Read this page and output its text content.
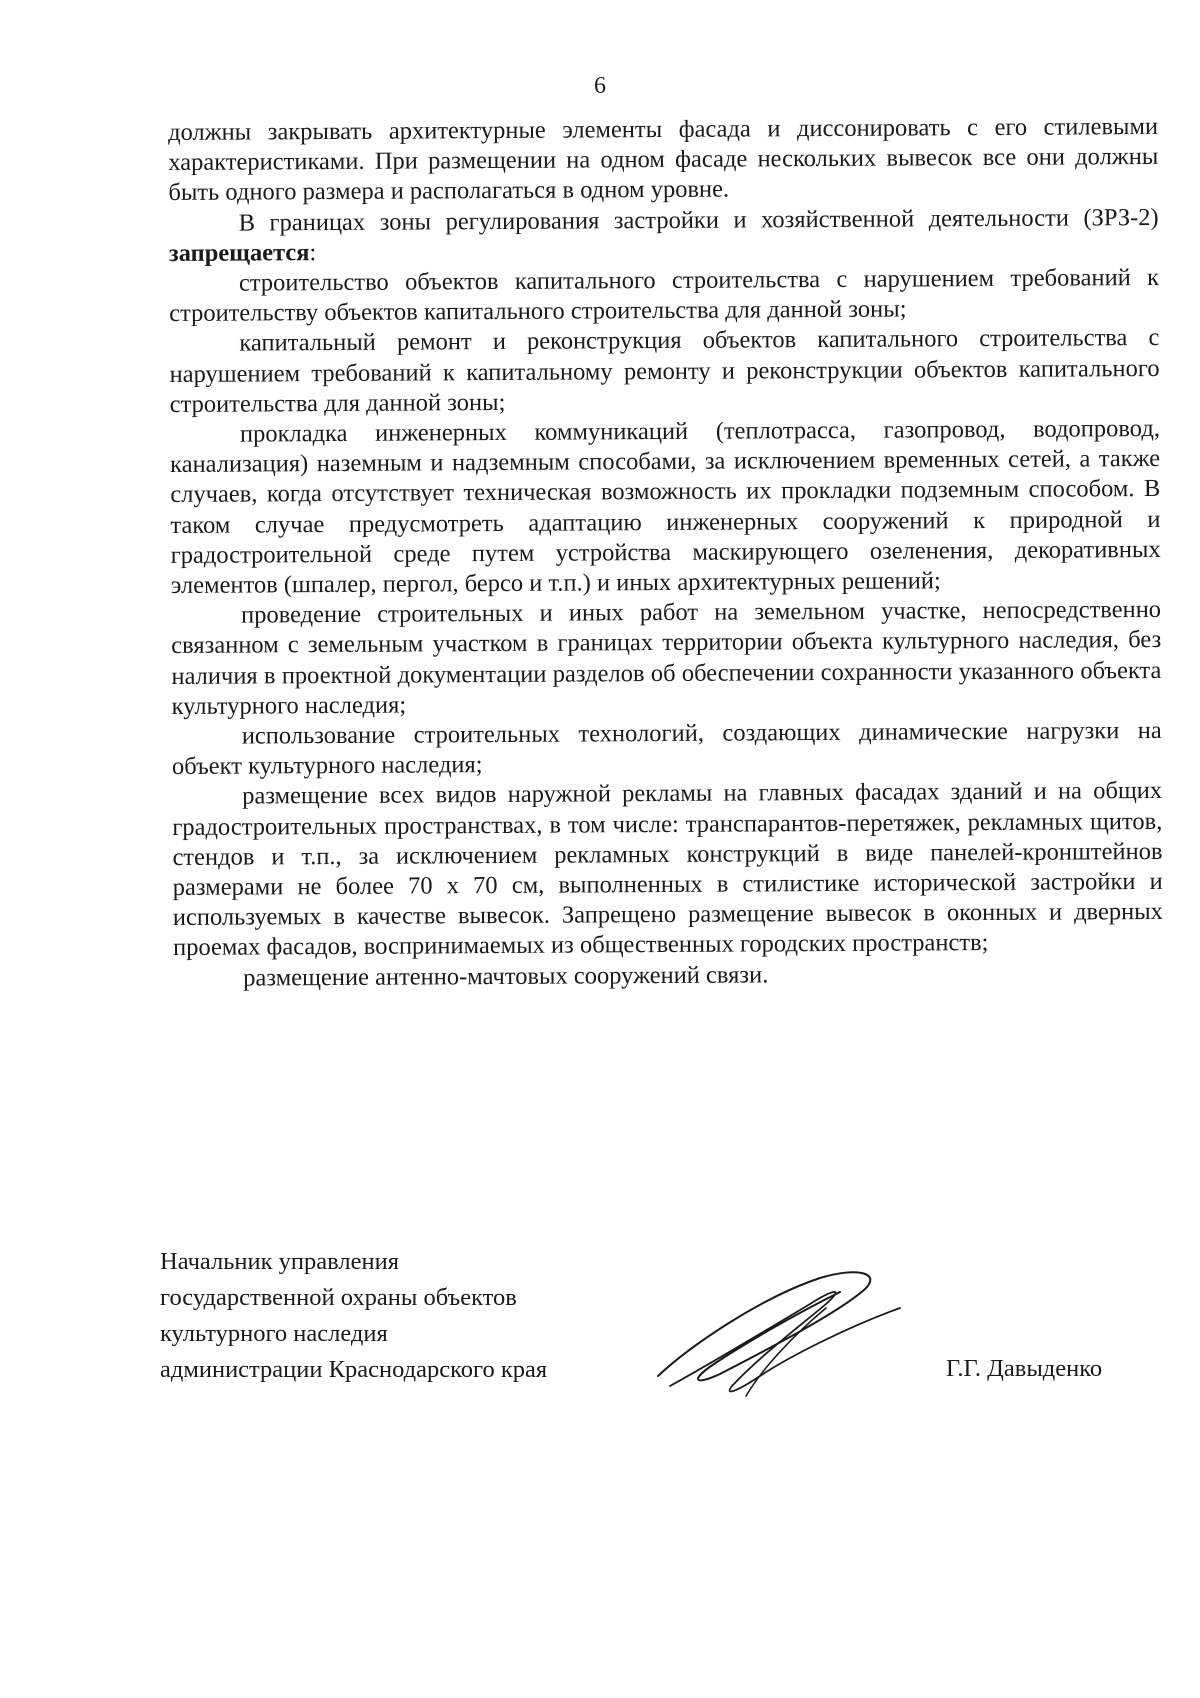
6

должны закрывать архитектурные элементы фасада и диссонировать с его стилевыми характеристиками. При размещении на одном фасаде нескольких вывесок все они должны быть одного размера и располагаться в одном уровне.

В границах зоны регулирования застройки и хозяйственной деятельности (ЗРЗ-2) запрещается:

строительство объектов капитального строительства с нарушением требований к строительству объектов капитального строительства для данной зоны;

капитальный ремонт и реконструкция объектов капитального строительства с нарушением требований к капитальному ремонту и реконструкции объектов капитального строительства для данной зоны;

прокладка инженерных коммуникаций (теплотрасса, газопровод, водопровод, канализация) наземным и надземным способами, за исключением временных сетей, а также случаев, когда отсутствует техническая возможность их прокладки подземным способом. В таком случае предусмотреть адаптацию инженерных сооружений к природной и градостроительной среде путем устройства маскирующего озеленения, декоративных элементов (шпалер, пергол, берсо и т.п.) и иных архитектурных решений;

проведение строительных и иных работ на земельном участке, непосредственно связанном с земельным участком в границах территории объекта культурного наследия, без наличия в проектной документации разделов об обеспечении сохранности указанного объекта культурного наследия;

использование строительных технологий, создающих динамические нагрузки на объект культурного наследия;

размещение всех видов наружной рекламы на главных фасадах зданий и на общих градостроительных пространствах, в том числе: транспарантов-перетяжек, рекламных щитов, стендов и т.п., за исключением рекламных конструкций в виде панелей-кронштейнов размерами не более 70 х 70 см, выполненных в стилистике исторической застройки и используемых в качестве вывесок. Запрещено размещение вывесок в оконных и дверных проемах фасадов, воспринимаемых из общественных городских пространств;

размещение антенно-мачтовых сооружений связи.

Начальник управления
государственной охраны объектов
культурного наследия
администрации Краснодарского края	Г.Г. Давыденко
